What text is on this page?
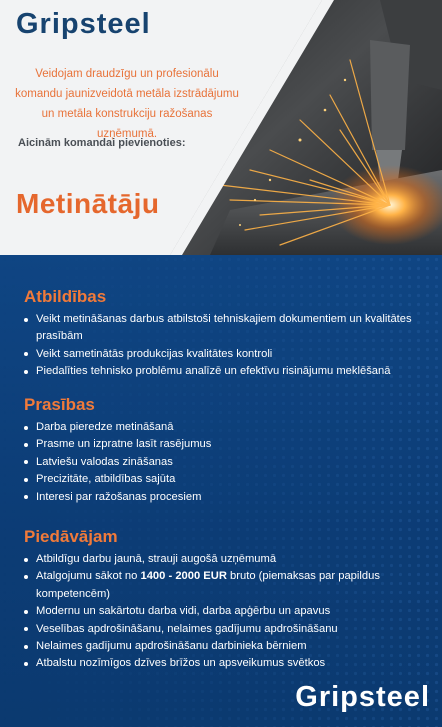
Gripsteel

Veidojam draudzīgu un profesionālu komandu jaunizveidotā metāla izstrādājumu un metāla konstrukciju ražošanas uzņēmumā.

Aicinām komandai pievienoties:

Metinātāju
Atbildības
Veikt metināšanas darbus atbilstoši tehniskajiem dokumentiem un kvalitātes prasībām
Veikt sametinātās produkcijas kvalitātes kontroli
Piedalīties tehnisko problēmu analīzē un efektīvu risinājumu meklēšanā
Prasības
Darba pieredze metināšanā
Prasme un izpratne lasīt rasējumus
Latviešu valodas zināšanas
Precizitāte, atbildības sajūta
Interesi par ražošanas procesiem
Piedāvājam
Atbildīgu darbu jaunā, strauji augošā uzņēmumā
Atalgojumu sākot no 1400 - 2000 EUR bruto (piemaksas par papildus kompetencēm)
Modernu un sakārtotu darba vidi, darba apģērbu un apavus
Veselības apdrošināšanu, nelaimes gadījumu apdrošināšanu
Nelaimes gadījumu apdrošināšanu darbinieka bērniem
Atbalstu nozīmīgos dzīves brīžos un apsveikumus svētkos
Gripsteel
